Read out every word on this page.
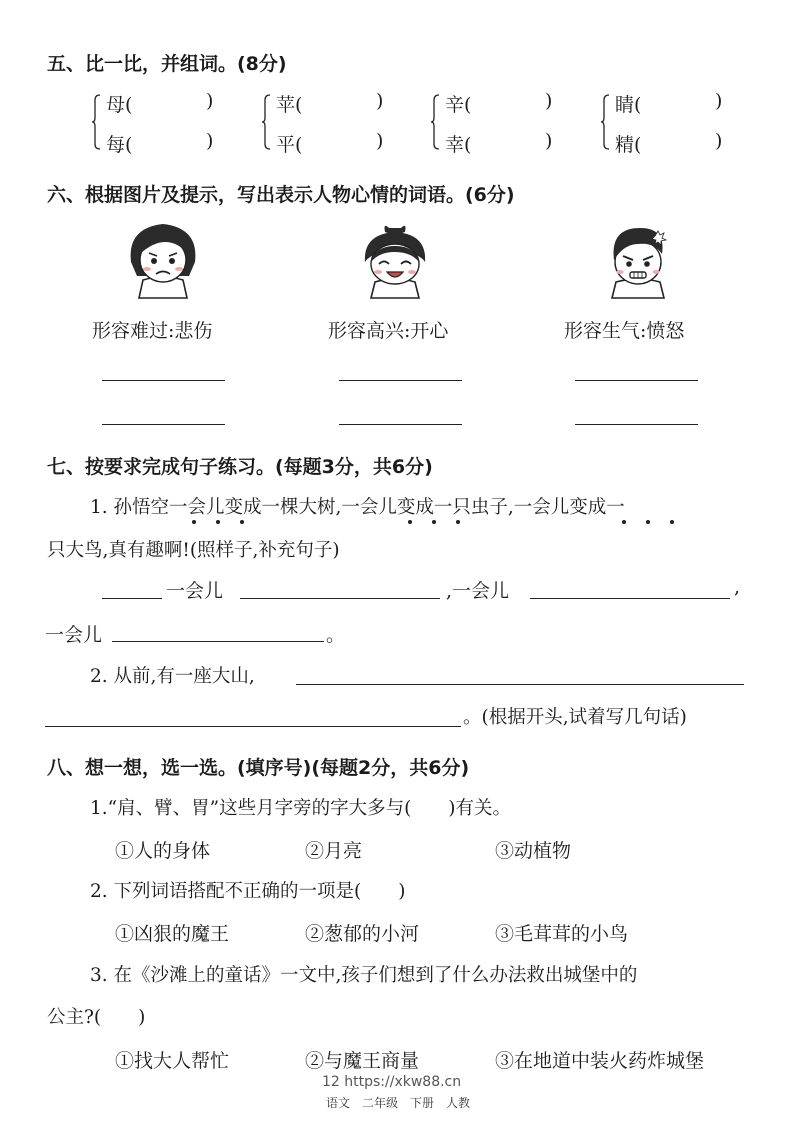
五、比一比，并组词。(8分)
母(	)
每(	)
苹(	)
平(	)
辛(	)
幸(	)
睛(	)
精(	)
六、根据图片及提示，写出表示人物心情的词语。(6分)
形容难过:悲伤	形容高兴:开心	形容生气:愤怒
七、按要求完成句子练习。(每题3分，共6分)
1. 孙悟空一会儿变成一棵大树,一会儿变成一只虫子,一会儿变成一
只大鸟,真有趣啊!(照样子,补充句子)
一会儿	,一会儿	,
一会儿	。
2. 从前,有一座大山,
。(根据开头,试着写几句话)
八、想一想，选一选。(填序号)(每题2分，共6分)
1.“肩、臂、胃”这些月字旁的字大多与(　　)有关。
①人的身体	②月亮	③动植物
2. 下列词语搭配不正确的一项是(　　)
①凶狠的魔王	②葱郁的小河	③毛茸茸的小鸟
3. 在《沙滩上的童话》一文中,孩子们想到了什么办法救出城堡中的
公主?(　　)
①找大人帮忙	②与魔王商量	③在地道中装火药炸城堡
12 https://xkw88.cn
语文　二年级　下册　人教
